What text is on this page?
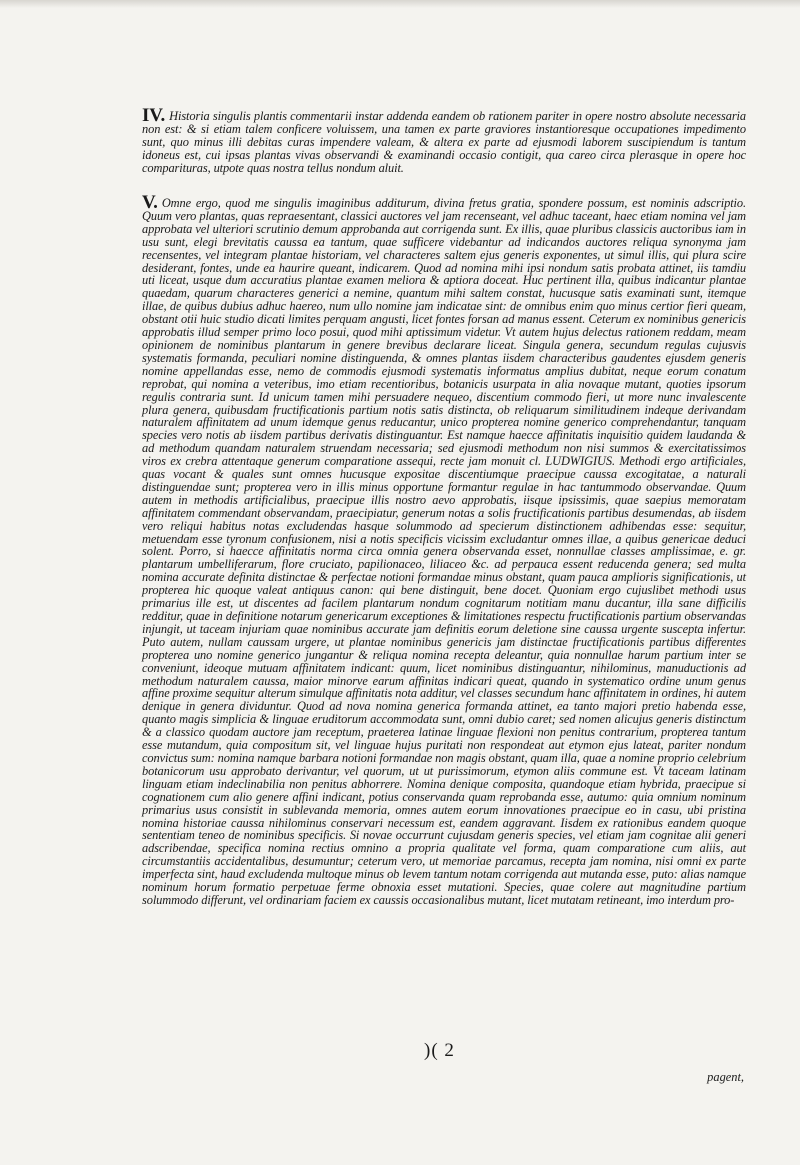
IV. Historia singulis plantis commentarii instar addenda eandem ob rationem pariter in opere nostro absolute necessaria non est: & si etiam talem conficere voluissem, una tamen ex parte graviores instantioresque occupationes impedimento sunt, quo minus illi debitas curas impendere valeam, & altera ex parte ad ejusmodi laborem suscipiendum is tantum idoneus est, cui ipsas plantas vivas observandi & examinandi occasio contigit, qua careo circa plerasque in opere hoc comparituras, utpote quas nostra tellus nondum aluit.
V. Omne ergo, quod me singulis imaginibus additurum, divina fretus gratia, spondere possum, est nominis adscriptio. Quum vero plantas, quas repraesentant, classici auctores vel jam recenseant, vel adhuc taceant, haec etiam nomina vel jam approbata vel ulteriori scrutinio demum approbanda aut corrigenda sunt. Ex illis, quae pluribus classicis auctoribus iam in usu sunt, elegi brevitatis caussa ea tantum, quae sufficere videbantur ad indicandos auctores reliqua synonyma jam recensentes, vel integram plantae historiam, vel characteres saltem ejus generis exponentes, ut simul illis, qui plura scire desiderant, fontes, unde ea haurire queant, indicarem. Quod ad nomina mihi ipsi nondum satis probata attinet, iis tamdiu uti liceat, usque dum accuratius plantae examen meliora & aptiora doceat. Huc pertinent illa, quibus indicantur plantae quaedam, quarum characteres generici a nemine, quantum mihi saltem constat, hucusque satis examinati sunt, itemque illae, de quibus dubius adhuc haereo, num ullo nomine jam indicatae sint: de omnibus enim quo minus certior fieri queam, obstant otii huic studio dicati limites perquam angusti, licet fontes forsan ad manus essent. Ceterum ex nominibus genericis approbatis illud semper primo loco posui, quod mihi aptissimum videtur. Vt autem hujus delectus rationem reddam, meam opinionem de nominibus plantarum in genere brevibus declarare liceat. Singula genera, secundum regulas cujusvis systematis formanda, peculiari nomine distinguenda, & omnes plantas iisdem characteribus gaudentes ejusdem generis nomine appellandas esse, nemo de commodis ejusmodi systematis informatus amplius dubitat, neque eorum conatum reprobat, qui nomina a veteribus, imo etiam recentioribus, botanicis usurpata in alia novaque mutant, quoties ipsorum regulis contraria sunt. Id unicum tamen mihi persuadere nequeo, discentium commodo fieri, ut more nunc invalescente plura genera, quibusdam fructificationis partium notis satis distincta, ob reliquarum similitudinem indeque derivandam naturalem affinitatem ad unum idemque genus reducantur, unico propterea nomine generico comprehendantur, tanquam species vero notis ab iisdem partibus derivatis distinguantur. Est namque haecce affinitatis inquisitio quidem laudanda & ad methodum quandam naturalem struendam necessaria; sed ejusmodi methodum non nisi summos & exercitatissimos viros ex crebra attentaque generum comparatione assequi, recte jam monuit cl. LUDWIGIUS. Methodi ergo artificiales, quas vocant & quales sunt omnes hucusque expositae discentiumque praecipue caussa excogitatae, a naturali distinguendae sunt; propterea vero in illis minus opportune formantur regulae in hac tantummodo observandae. Quum autem in methodis artificialibus, praecipue illis nostro aevo approbatis, iisque ipsissimis, quae saepius memoratam affinitatem commendant observandam, praecipiatur, generum notas a solis fructificationis partibus desumendas, ab iisdem vero reliqui habitus notas excludendas hasque solummodo ad specierum distinctionem adhibendas esse: sequitur, metuendam esse tyronum confusionem, nisi a notis specificis vicissim excludantur omnes illae, a quibus genericae deduci solent. Porro, si haecce affinitatis norma circa omnia genera observanda esset, nonnullae classes amplissimae, e. gr. plantarum umbelliferarum, flore cruciato, papilionaceo, liliaceo &c. ad perpauca essent reducenda genera; sed multa nomina accurate definita distinctae & perfectae notioni formandae minus obstant, quam pauca amplioris significationis, ut propterea hic quoque valeat antiquus canon: qui bene distinguit, bene docet. Quoniam ergo cujuslibet methodi usus primarius ille est, ut discentes ad facilem plantarum nondum cognitarum notitiam manu ducantur, illa sane difficilis redditur, quae in definitione notarum genericarum exceptiones & limitationes respectu fructificationis partium observandas injungit, ut tacеam injuriam quae nominibus accurate jam definitis eorum deletione sine caussa urgente suscepta infertur. Putо autem, nullam caussam urgere, ut plantae nominibus genericis jam distinctae fructificationis partibus differentes propterea uno nomine generico jungantur & reliqua nomina recepta deleantur, quia nonnullae harum partium inter se conveniunt, ideoque mutuam affinitatem indicant: quum, licet nominibus distinguantur, nihilominus, manuductionis ad methodum naturalem caussa, maior minorve earum affinitas indicari queat, quando in systematico ordine unum genus affine proxime sequitur alterum simulque affinitatis nota additur, vel classes secundum hanc affinitatem in ordines, hi autem denique in genera dividuntur. Quod ad nova nomina generica formanda attinet, ea tanto majori pretio habenda esse, quanto magis simplicia & linguae eruditorum accommodata sunt, omni dubio caret; sed nomen alicujus generis distinctum & a classico quodam auctore jam receptum, praeterea latinae linguae flexioni non penitus contrarium, propterea tantum esse mutandum, quia compositum sit, vel linguae hujus puritati non respondeat aut etymon ejus lateat, pariter nondum convictus sum: nomina namque barbara notioni formandae non magis obstant, quam illa, quae a nomine proprio celebrium botanicorum usu approbato derivantur, vel quorum, ut ut purissimorum, etymon aliis commune est. Vt taceam latinam linguam etiam indeclinabilia non penitus abhorrere. Nomina denique composita, quandoque etiam hybrida, praecipue si cognationem cum alio genere affini indicant, potius conservanda quam reprobanda esse, autumo: quia omnium nominum primarius usus consistit in sublevanda memoria, omnes autem eorum innovationes praecipue eo in casu, ubi pristina nomina historiae caussa nihilominus conservari necessum est, eandem aggravant. Iisdem ex rationibus eandem quoque sententiam teneo de nominibus specificis. Si novae occurrunt cujusdam generis species, vel etiam jam cognitae alii generi adscribendae, specifica nomina rectius omnino a propria qualitate vel forma, quam comparatione cum aliis, aut circumstantiis accidentalibus, desumuntur; ceterum vero, ut memoriae parcamus, recepta jam nomina, nisi omni ex parte imperfecta sint, haud excludenda multoque minus ob levem tantum notam corrigenda aut mutanda esse, puto: alias namque nominum horum formatio perpetuae ferme obnoxia esset mutationi. Species, quae colere aut magnitudine partium solummodo differunt, vel ordinariam faciem ex caussis occasionalibus mutant, licet mutatam retineant, imo interdum pro-
)( 2
pagent,
